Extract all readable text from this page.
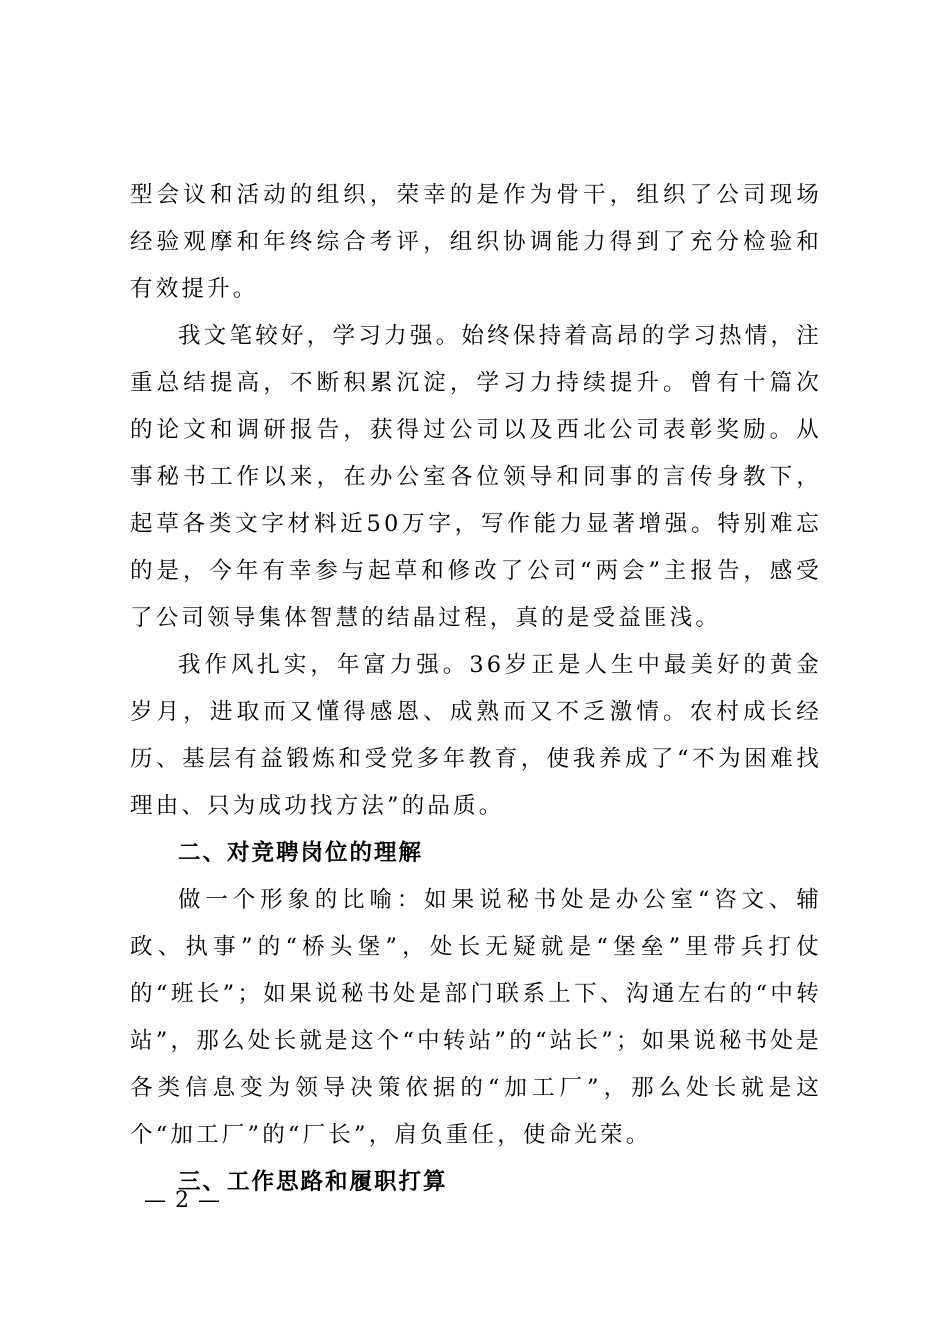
型会议和活动的组织，荣幸的是作为骨干，组织了公司现场经验观摩和年终综合考评，组织协调能力得到了充分检验和有效提升。

我文笔较好，学习力强。始终保持着高昂的学习热情，注重总结提高，不断积累沉淀，学习力持续提升。曾有十篇次的论文和调研报告，获得过公司以及西北公司表彰奖励。从事秘书工作以来，在办公室各位领导和同事的言传身教下，起草各类文字材料近50万字，写作能力显著增强。特别难忘的是，今年有幸参与起草和修改了公司“两会”主报告，感受了公司领导集体智慧的结晶过程，真的是受益匪浅。

我作风扎实，年富力强。36岁正是人生中最美好的黄金岁月，进取而又懂得感恩、成熟而又不乏激情。农村成长经历、基层有益锻炼和受党多年教育，使我养成了“不为困难找理由、只为成功找方法”的品质。

二、对竞聘岗位的理解

做一个形象的比喻：如果说秘书处是办公室“咨文、辅政、执事”的“桥头堡”，处长无疑就是“堡垒”里带兵打仗的“班长”；如果说秘书处是部门联系上下、沟通左右的“中转站”，那么处长就是这个“中转站”的“站长”；如果说秘书处是各类信息变为领导决策依据的“加工厂”，那么处长就是这个“加工厂”的“厂长”，肩负重任，使命光荣。

三、工作思路和履职打算

— 2 —
